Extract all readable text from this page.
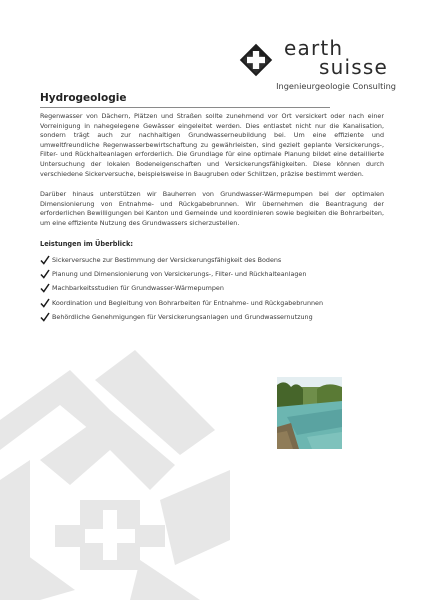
earth
suisse
Ingenieurgeologie Consulting
Hydrogeologie

Regenwasser von Dächern, Plätzen und Straßen sollte zunehmend vor Ort versickert oder nach einer Vorreinigung in nahegelegene Gewässer eingeleitet werden. Dies entlastet nicht nur die Kanalisation, sondern trägt auch zur nachhaltigen Grundwasserneubildung bei. Um eine effiziente und umweltfreundliche Regenwasserbewirtschaftung zu gewährleisten, sind gezielt geplante Versickerungs-, Filter- und Rückhalteanlagen erforderlich. Die Grundlage für eine optimale Planung bildet eine detaillierte Untersuchung der lokalen Bodeneigenschaften und Versickerungsfähigkeiten. Diese können durch verschiedene Sickerversuche, beispielsweise in Baugruben oder Schlitzen, präzise bestimmt werden.

Darüber hinaus unterstützen wir Bauherren von Grundwasser-Wärmepumpen bei der optimalen Dimensionierung von Entnahme- und Rückgabebrunnen. Wir übernehmen die Beantragung der erforderlichen Bewilligungen bei Kanton und Gemeinde und koordinieren sowie begleiten die Bohrarbeiten, um eine effiziente Nutzung des Grundwassers sicherzustellen.

Leistungen im Überblick:
Sickerversuche zur Bestimmung der Versickerungsfähigkeit des Bodens
Planung und Dimensionierung von Versickerungs-, Filter- und Rückhalteanlagen
Machbarkeitsstudien für Grundwasser-Wärmepumpen
Koordination und Begleitung von Bohrarbeiten für Entnahme- und Rückgabebrunnen
Behördliche Genehmigungen für Versickerungsanlagen und Grundwassernutzung
